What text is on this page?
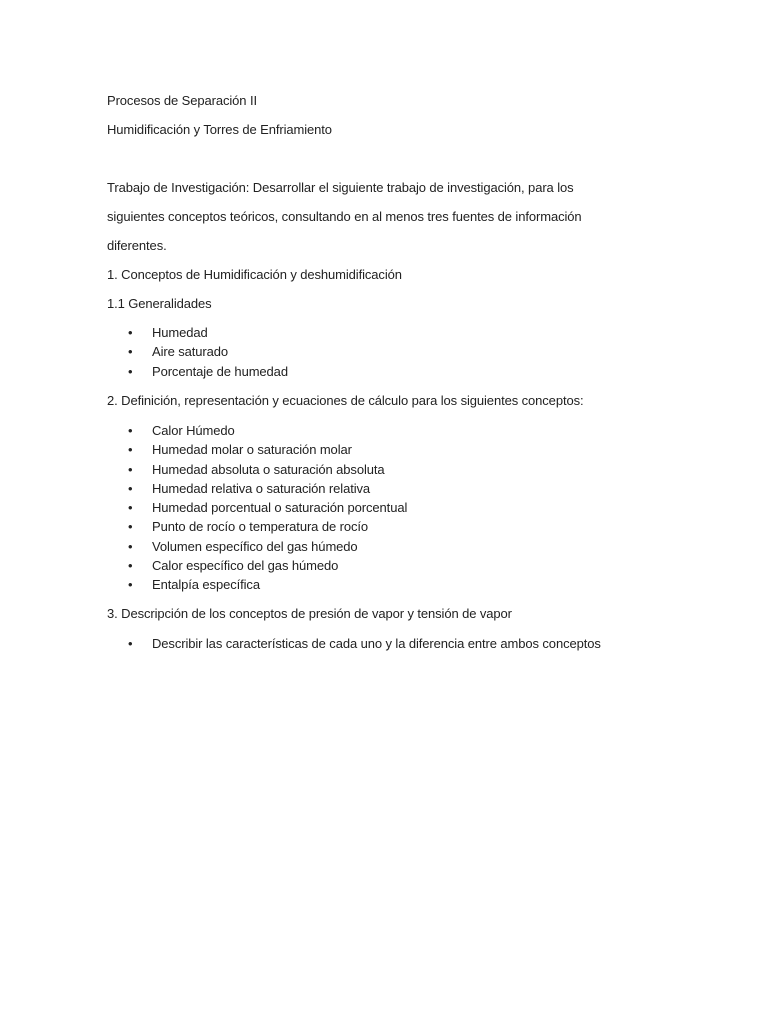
Procesos de Separación II
Humidificación y Torres de Enfriamiento
Trabajo de Investigación: Desarrollar el siguiente trabajo de investigación, para los
siguientes conceptos teóricos, consultando en al menos tres fuentes de información
diferentes.
1. Conceptos de Humidificación y deshumidificación
1.1 Generalidades
•	Humedad
•	Aire saturado
•	Porcentaje de humedad
2. Definición, representación y ecuaciones de cálculo para los siguientes conceptos:
•	Calor Húmedo
•	Humedad molar o saturación molar
•	Humedad absoluta o saturación absoluta
•	Humedad relativa o saturación relativa
•	Humedad porcentual o saturación porcentual
•	Punto de rocío o temperatura de rocío
•	Volumen específico del gas húmedo
•	Calor específico del gas húmedo
•	Entalpía específica
3. Descripción de los conceptos de presión de vapor y tensión de vapor
•	Describir las características de cada uno y la diferencia entre ambos conceptos
